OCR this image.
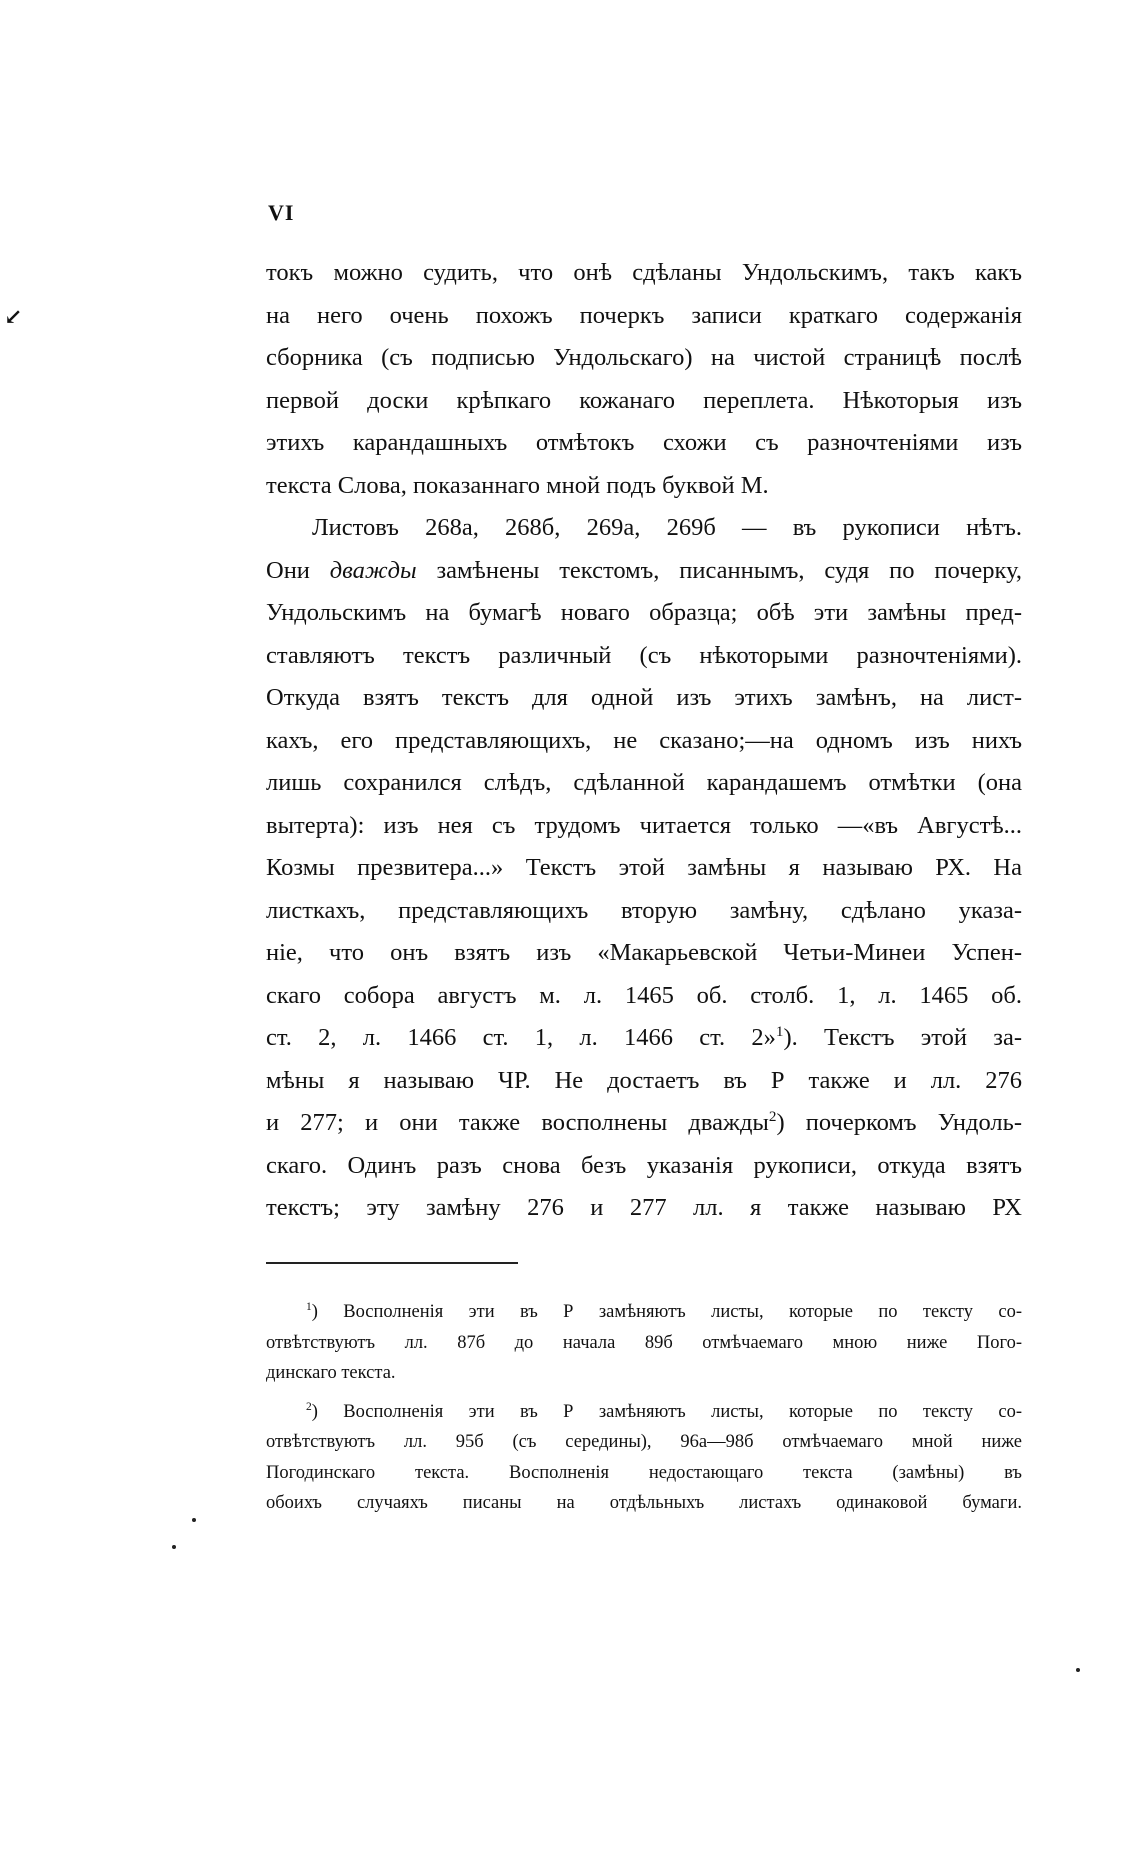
VI
↙
токъ можно судить, что онѣ сдѣланы Ундольскимъ, такъ какъ
на него очень похожъ почеркъ записи краткаго содержанія
сборника (съ подписью Ундольскаго) на чистой страницѣ послѣ
первой доски крѣпкаго кожанаго переплета. Нѣкоторыя изъ
этихъ карандашныхъ отмѣтокъ схожи съ разночтеніями изъ
текста Слова, показаннаго мной подъ буквой М.
Листовъ 268а, 268б, 269а, 269б — въ рукописи нѣтъ.
Они дважды замѣнены текстомъ, писаннымъ, судя по почерку,
Ундольскимъ на бумагѣ новаго образца; обѣ эти замѣны пред-
ставляютъ текстъ различный (съ нѣкоторыми разночтеніями).
Откуда взятъ текстъ для одной изъ этихъ замѣнъ, на лист-
кахъ, его представляющихъ, не сказано;—на одномъ изъ нихъ
лишь сохранился слѣдъ, сдѣланной карандашемъ отмѣтки (она
вытерта): изъ нея съ трудомъ читается только —«въ Августѣ...
Козмы презвитера...» Текстъ этой замѣны я называю РХ. На
листкахъ, представляющихъ вторую замѣну, сдѣлано указа-
ніе, что онъ взятъ изъ «Макарьевской Четьи-Минеи Успен-
скаго собора августъ м. л. 1465 об. столб. 1, л. 1465 об.
ст. 2, л. 1466 ст. 1, л. 1466 ст. 2»$^1$). Текстъ этой за-
мѣны я называю ЧР. Не достаетъ въ Р также и лл. 276
и 277; и они также восполнены дважды$^2$) почеркомъ Ундоль-
скаго. Одинъ разъ снова безъ указанія рукописи, откуда взятъ
текстъ; эту замѣну 276 и 277 лл. я также называю РХ
$^1$) Восполненія эти въ Р замѣняютъ листы, которые по тексту со-
отвѣтствуютъ лл. 87б до начала 89б отмѣчаемаго мною ниже Пого-
динскаго текста.
$^2$) Восполненія эти въ Р замѣняютъ листы, которые по тексту со-
отвѣтствуютъ лл. 95б (съ середины), 96а—98б отмѣчаемаго мной ниже
Погодинскаго текста. Восполненія недостающаго текста (замѣны) въ
обоихъ случаяхъ писаны на отдѣльныхъ листахъ одинаковой бумаги.
